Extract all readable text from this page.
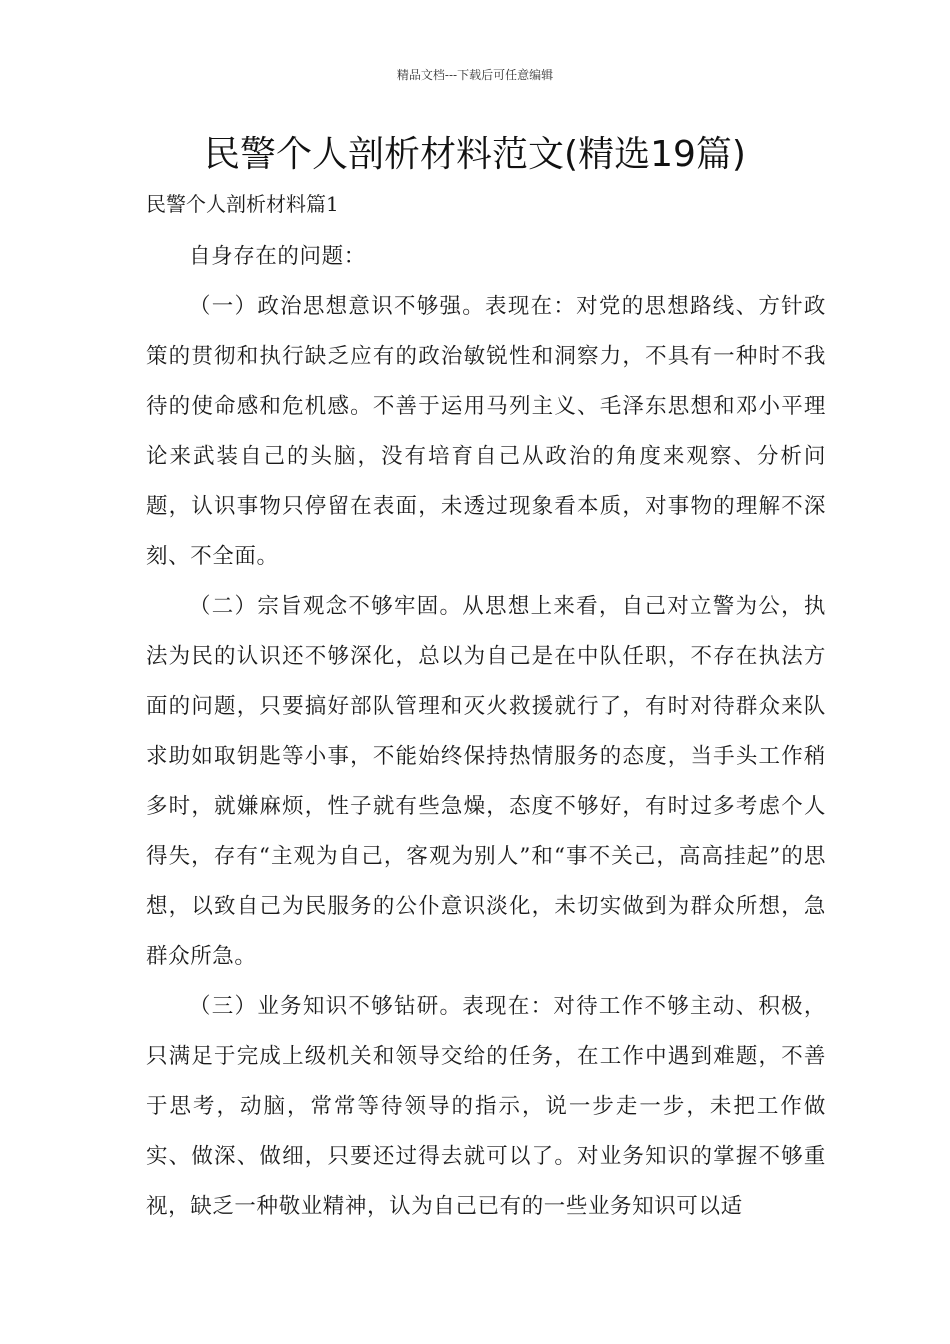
精品文档---下载后可任意编辑
民警个人剖析材料范文(精选19篇)
民警个人剖析材料篇1

自身存在的问题：

（一）政治思想意识不够强。表现在：对党的思想路线、方针政策的贯彻和执行缺乏应有的政治敏锐性和洞察力，不具有一种时不我待的使命感和危机感。不善于运用马列主义、毛泽东思想和邓小平理论来武装自己的头脑，没有培育自己从政治的角度来观察、分析问题，认识事物只停留在表面，未透过现象看本质，对事物的理解不深刻、不全面。

（二）宗旨观念不够牢固。从思想上来看，自己对立警为公，执法为民的认识还不够深化，总以为自己是在中队任职，不存在执法方面的问题，只要搞好部队管理和灭火救援就行了，有时对待群众来队求助如取钥匙等小事，不能始终保持热情服务的态度，当手头工作稍多时，就嫌麻烦，性子就有些急燥，态度不够好，有时过多考虑个人得失，存有“主观为自己，客观为别人”和“事不关己，高高挂起”的思想，以致自己为民服务的公仆意识淡化，未切实做到为群众所想，急群众所急。

（三）业务知识不够钻研。表现在：对待工作不够主动、积极，只满足于完成上级机关和领导交给的任务，在工作中遇到难题，不善于思考，动脑，常常等待领导的指示，说一步走一步，未把工作做实、做深、做细，只要还过得去就可以了。对业务知识的掌握不够重视，缺乏一种敬业精神，认为自己已有的一些业务知识可以适
